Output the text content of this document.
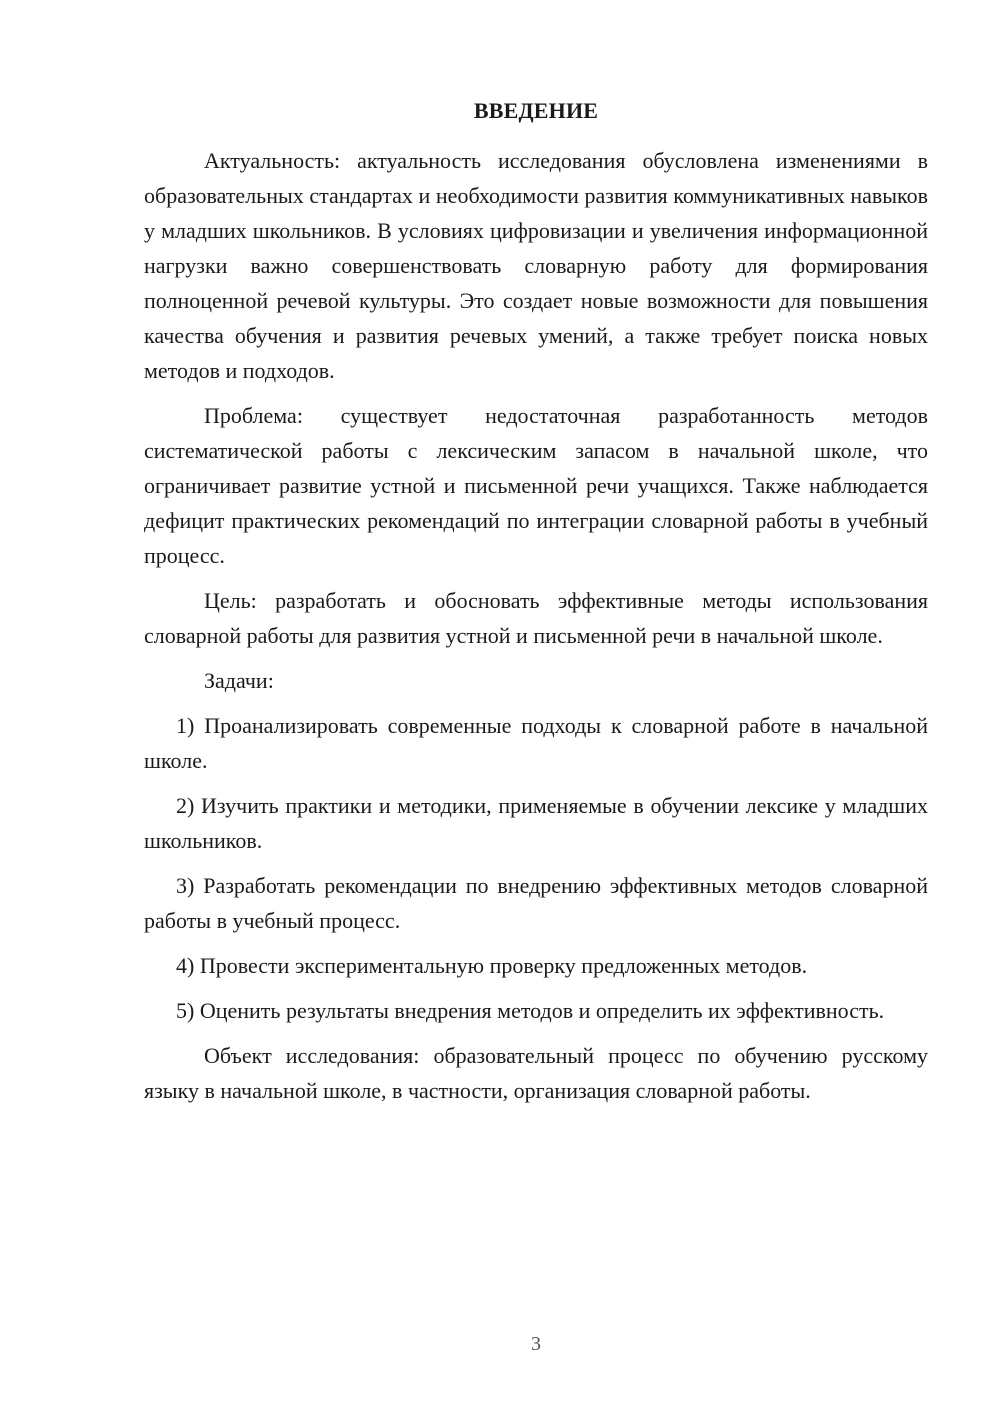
ВВЕДЕНИЕ

Актуальность: актуальность исследования обусловлена изменениями в образовательных стандартах и необходимости развития коммуникативных навыков у младших школьников. В условиях цифровизации и увеличения информационной нагрузки важно совершенствовать словарную работу для формирования полноценной речевой культуры. Это создает новые возможности для повышения качества обучения и развития речевых умений, а также требует поиска новых методов и подходов.

Проблема: существует недостаточная разработанность методов систематической работы с лексическим запасом в начальной школе, что ограничивает развитие устной и письменной речи учащихся. Также наблюдается дефицит практических рекомендаций по интеграции словарной работы в учебный процесс.

Цель: разработать и обосновать эффективные методы использования словарной работы для развития устной и письменной речи в начальной школе.

Задачи:

1) Проанализировать современные подходы к словарной работе в начальной школе.

2) Изучить практики и методики, применяемые в обучении лексике у младших школьников.

3) Разработать рекомендации по внедрению эффективных методов словарной работы в учебный процесс.

4) Провести экспериментальную проверку предложенных методов.

5) Оценить результаты внедрения методов и определить их эффективность.

Объект исследования: образовательный процесс по обучению русскому языку в начальной школе, в частности, организация словарной работы.

3
